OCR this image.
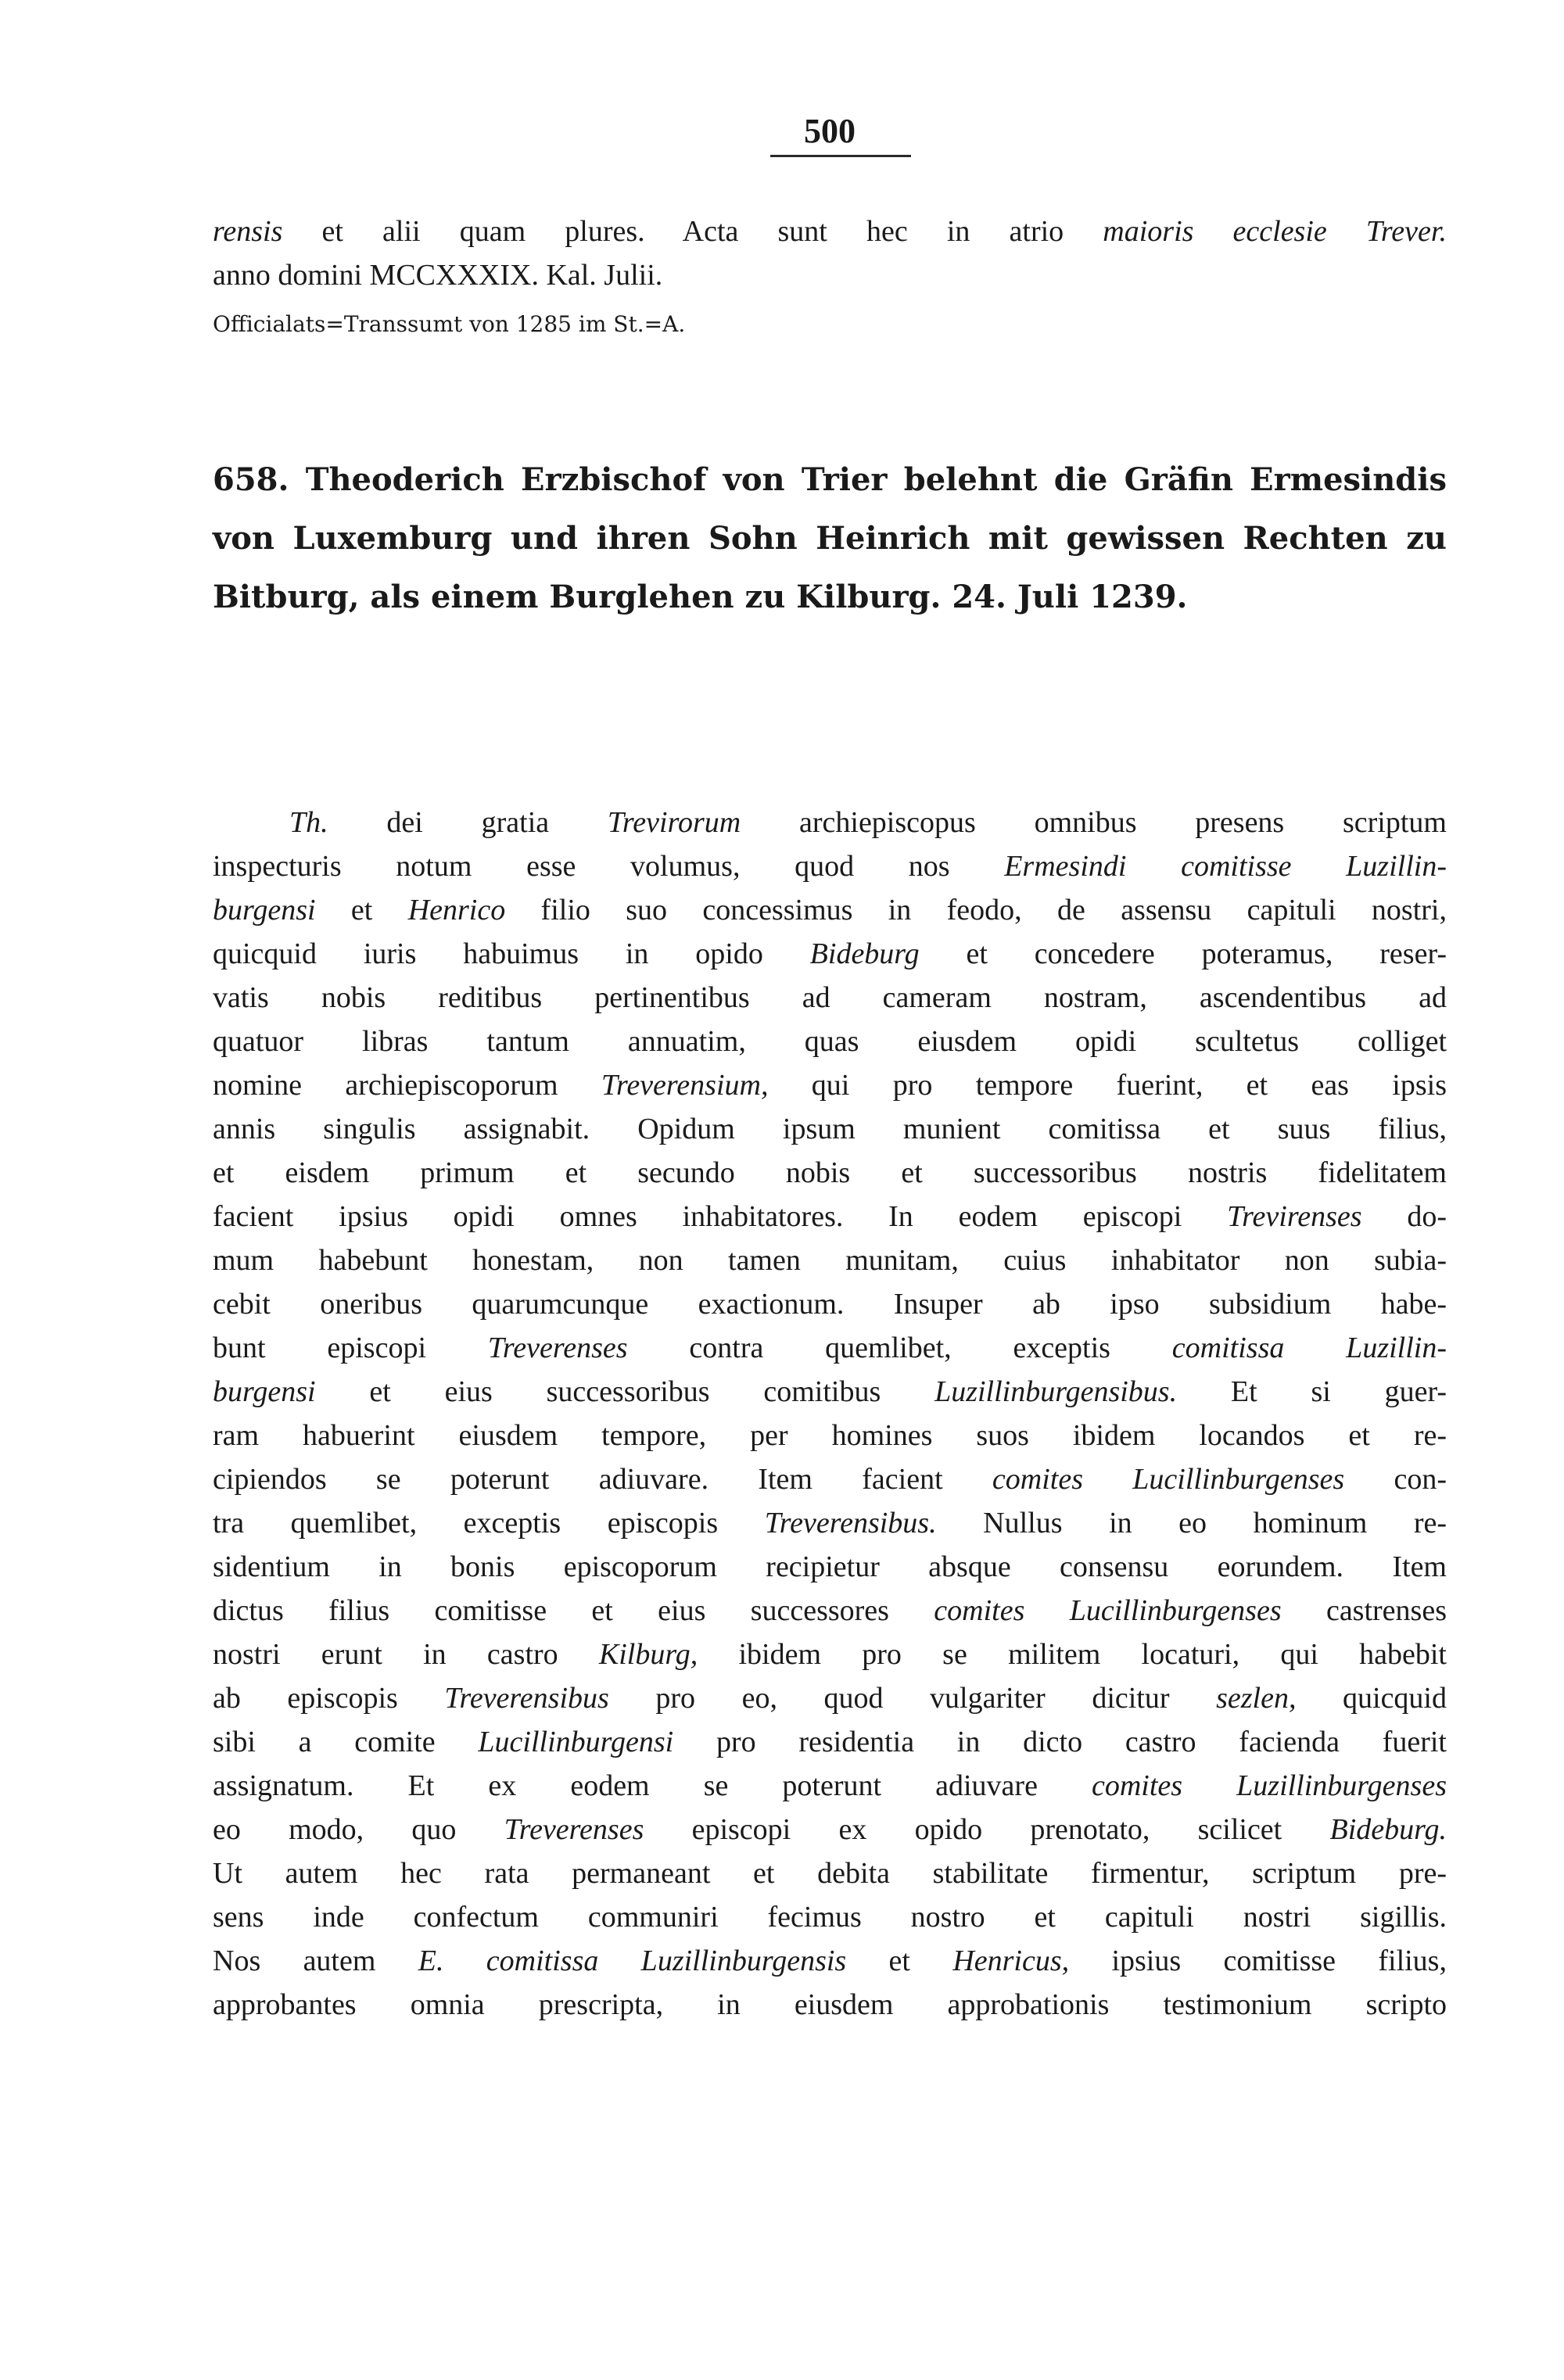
500
rensis et alii quam plures. Acta sunt hec in atrio maioris ecclesie Trever.
anno domini MCCXXXIX. Kal. Julii.
Officialats=Transsumt von 1285 im St.=A.
658. Theoderich Erzbischof von Trier belehnt die Gräfin Ermesindis
von Luxemburg und ihren Sohn Heinrich mit gewissen Rechten zu
Bitburg, als einem Burglehen zu Kilburg. 24. Juli 1239.
Th. dei gratia Trevirorum archiepiscopus omnibus presens scriptum
inspecturis notum esse volumus, quod nos Ermesindi comitisse Luzillin-
burgensi et Henrico filio suo concessimus in feodo, de assensu capituli nostri,
quicquid iuris habuimus in opido Bideburg et concedere poteramus, reser-
vatis nobis reditibus pertinentibus ad cameram nostram, ascendentibus ad
quatuor libras tantum annuatim, quas eiusdem opidi scultetus colliget
nomine archiepiscoporum Treverensium, qui pro tempore fuerint, et eas ipsis
annis singulis assignabit. Opidum ipsum munient comitissa et suus filius,
et eisdem primum et secundo nobis et successoribus nostris fidelitatem
facient ipsius opidi omnes inhabitatores. In eodem episcopi Trevirenses do-
mum habebunt honestam, non tamen munitam, cuius inhabitator non subia-
cebit oneribus quarumcunque exactionum. Insuper ab ipso subsidium habe-
bunt episcopi Treverenses contra quemlibet, exceptis comitissa Luzillin-
burgensi et eius successoribus comitibus Luzillinburgensibus. Et si guer-
ram habuerint eiusdem tempore, per homines suos ibidem locandos et re-
cipiendos se poterunt adiuvare. Item facient comites Lucillinburgenses con-
tra quemlibet, exceptis episcopis Treverensibus. Nullus in eo hominum re-
sidentium in bonis episcoporum recipietur absque consensu eorundem. Item
dictus filius comitisse et eius successores comites Lucillinburgenses castrenses
nostri erunt in castro Kilburg, ibidem pro se militem locaturi, qui habebit
ab episcopis Treverensibus pro eo, quod vulgariter dicitur sezlen, quicquid
sibi a comite Lucillinburgensi pro residentia in dicto castro facienda fuerit
assignatum. Et ex eodem se poterunt adiuvare comites Luzillinburgenses
eo modo, quo Treverenses episcopi ex opido prenotato, scilicet Bideburg.
Ut autem hec rata permaneant et debita stabilitate firmentur, scriptum pre-
sens inde confectum communiri fecimus nostro et capituli nostri sigillis.
Nos autem E. comitissa Luzillinburgensis et Henricus, ipsius comitisse filius,
approbantes omnia prescripta, in eiusdem approbationis testimonium scripto
